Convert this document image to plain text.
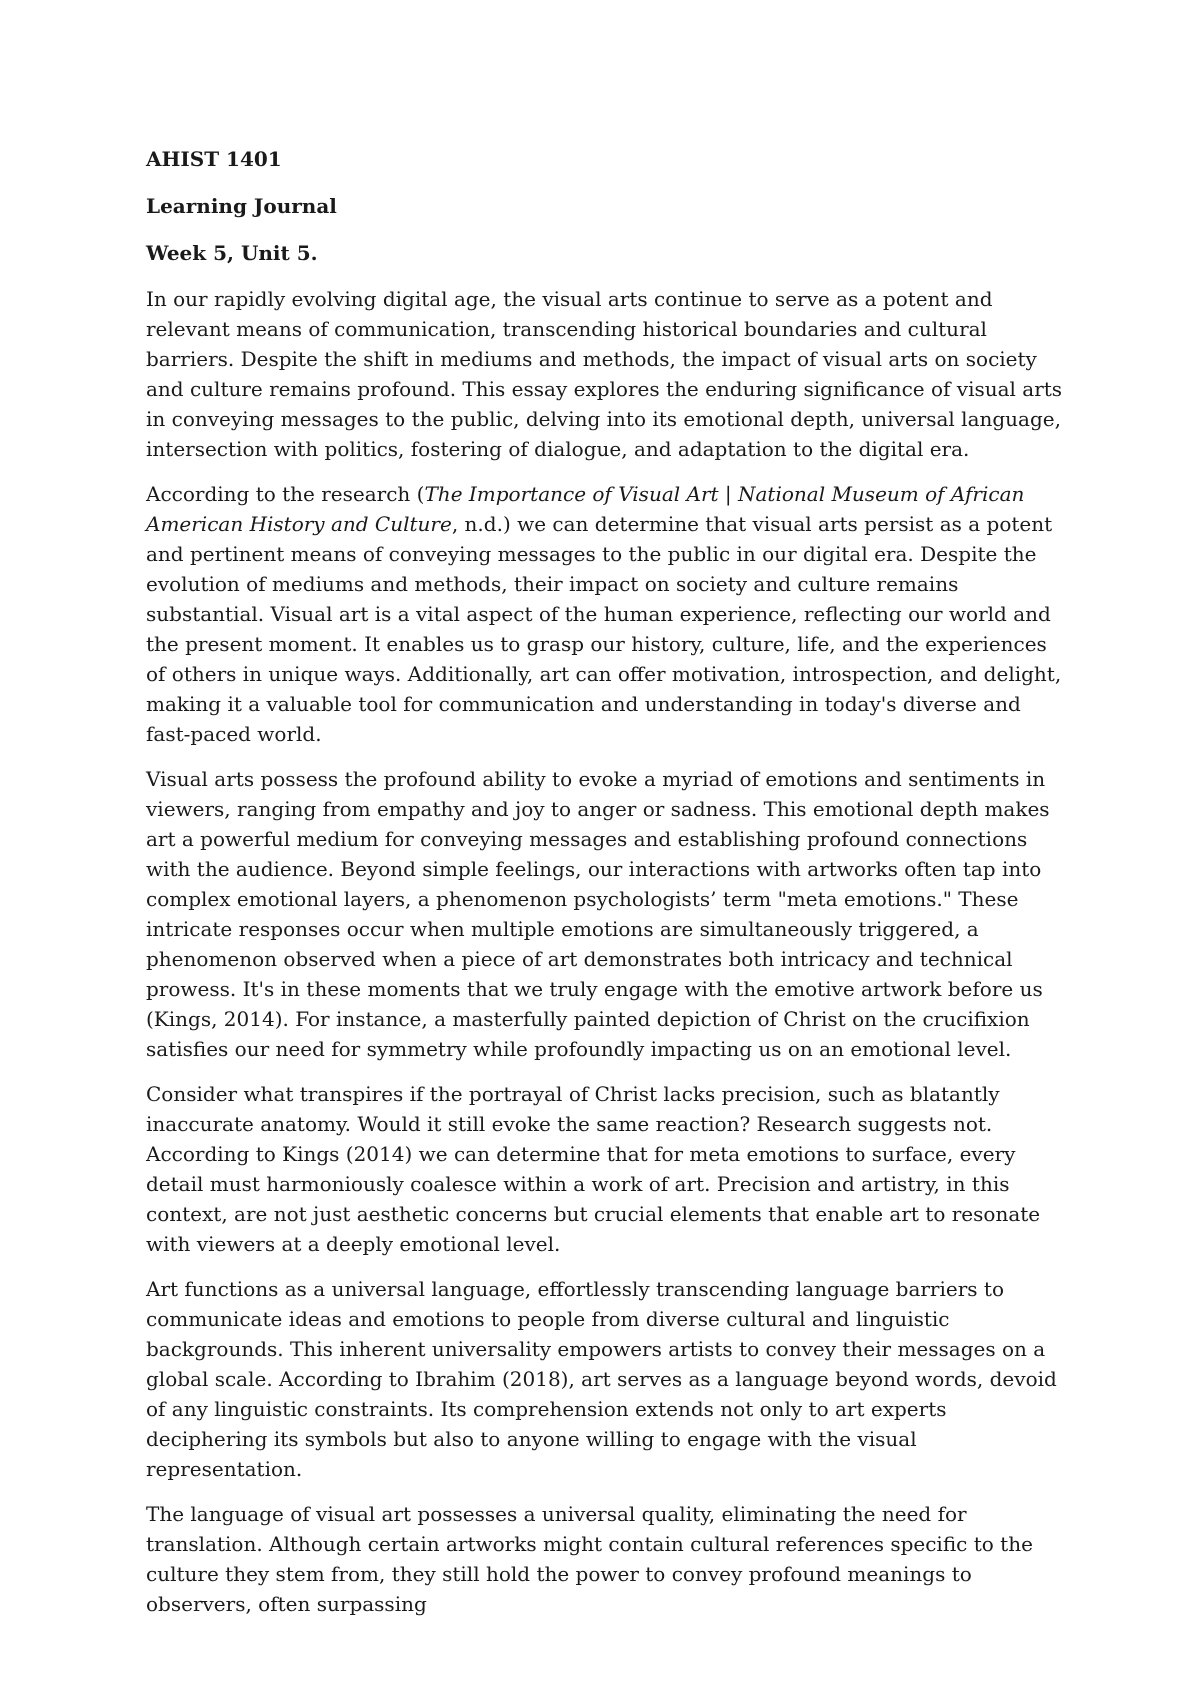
AHIST 1401
Learning Journal
Week 5, Unit 5.

In our rapidly evolving digital age, the visual arts continue to serve as a potent and relevant means of communication, transcending historical boundaries and cultural barriers. Despite the shift in mediums and methods, the impact of visual arts on society and culture remains profound. This essay explores the enduring significance of visual arts in conveying messages to the public, delving into its emotional depth, universal language, intersection with politics, fostering of dialogue, and adaptation to the digital era.

According to the research (The Importance of Visual Art | National Museum of African American History and Culture, n.d.) we can determine that visual arts persist as a potent and pertinent means of conveying messages to the public in our digital era. Despite the evolution of mediums and methods, their impact on society and culture remains substantial. Visual art is a vital aspect of the human experience, reflecting our world and the present moment. It enables us to grasp our history, culture, life, and the experiences of others in unique ways. Additionally, art can offer motivation, introspection, and delight, making it a valuable tool for communication and understanding in today's diverse and fast-paced world.

Visual arts possess the profound ability to evoke a myriad of emotions and sentiments in viewers, ranging from empathy and joy to anger or sadness. This emotional depth makes art a powerful medium for conveying messages and establishing profound connections with the audience. Beyond simple feelings, our interactions with artworks often tap into complex emotional layers, a phenomenon psychologists’ term "meta emotions." These intricate responses occur when multiple emotions are simultaneously triggered, a phenomenon observed when a piece of art demonstrates both intricacy and technical prowess. It's in these moments that we truly engage with the emotive artwork before us (Kings, 2014). For instance, a masterfully painted depiction of Christ on the crucifixion satisfies our need for symmetry while profoundly impacting us on an emotional level.

Consider what transpires if the portrayal of Christ lacks precision, such as blatantly inaccurate anatomy. Would it still evoke the same reaction? Research suggests not. According to Kings (2014) we can determine that for meta emotions to surface, every detail must harmoniously coalesce within a work of art. Precision and artistry, in this context, are not just aesthetic concerns but crucial elements that enable art to resonate with viewers at a deeply emotional level.

Art functions as a universal language, effortlessly transcending language barriers to communicate ideas and emotions to people from diverse cultural and linguistic backgrounds. This inherent universality empowers artists to convey their messages on a global scale. According to Ibrahim (2018), art serves as a language beyond words, devoid of any linguistic constraints. Its comprehension extends not only to art experts deciphering its symbols but also to anyone willing to engage with the visual representation.

The language of visual art possesses a universal quality, eliminating the need for translation. Although certain artworks might contain cultural references specific to the culture they stem from, they still hold the power to convey profound meanings to observers, often surpassing
